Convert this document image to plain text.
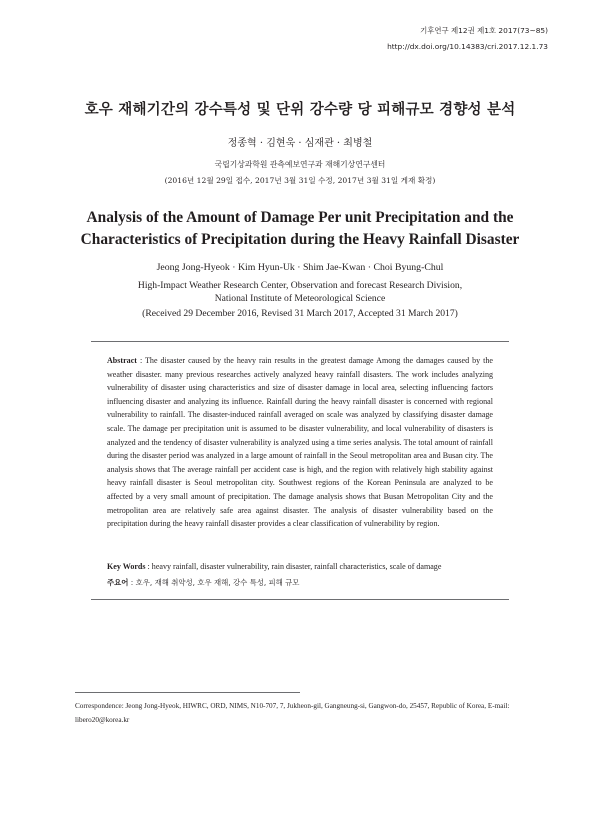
기후연구 제12권 제1호 2017(73~85)
http://dx.doi.org/10.14383/cri.2017.12.1.73
호우 재해기간의 강수특성 및 단위 강수량 당 피해규모 경향성 분석
정종혁 · 김현욱 · 심재관 · 최병철
국립기상과학원 관측예보연구과 재해기상연구센터
(2016년 12월 29일 접수, 2017년 3월 31일 수정, 2017년 3월 31일 게재 확정)
Analysis of the Amount of Damage Per unit Precipitation and the
Characteristics of Precipitation during the Heavy Rainfall Disaster
Jeong Jong-Hyeok · Kim Hyun-Uk · Shim Jae-Kwan · Choi Byung-Chul
High-Impact Weather Research Center, Observation and forecast Research Division,
National Institute of Meteorological Science
(Received 29 December 2016, Revised 31 March 2017, Accepted 31 March 2017)

Abstract : The disaster caused by the heavy rain results in the greatest damage Among the damages caused by the weather disaster. many previous researches actively analyzed heavy rainfall disasters. The work includes analyzing vulnerability of disaster using characteristics and size of disaster damage in local area, selecting influencing factors influencing disaster and analyzing its influence. Rainfall during the heavy rainfall disaster is concerned with regional vulnerability to rainfall. The disaster-induced rainfall averaged on scale was analyzed by classifying disaster damage scale. The damage per precipitation unit is assumed to be disaster vulnerability, and local vulnerability of disasters is analyzed and the tendency of disaster vulnerability is analyzed using a time series analysis. The total amount of rainfall during the disaster period was analyzed in a large amount of rainfall in the Seoul metropolitan area and Busan city. The analysis shows that The average rainfall per accident case is high, and the region with relatively high stability against heavy rainfall disaster is Seoul metropolitan city. Southwest regions of the Korean Peninsula are analyzed to be affected by a very small amount of precipitation. The damage analysis shows that Busan Metropolitan City and the metropolitan area are relatively safe area against disaster. The analysis of disaster vulnerability based on the precipitation during the heavy rainfall disaster provides a clear classification of vulnerability by region.

Key Words : heavy rainfall, disaster vulnerability, rain disaster, rainfall characteristics, scale of damage

주요어 : 호우, 재해 취약성, 호우 재해, 강수 특성, 피해 규모

Correspondence: Jeong Jong-Hyeok, HIWRC, ORD, NIMS, N10-707, 7, Jukheon-gil, Gangneung-si, Gangwon-do, 25457, Republic of Korea, E-mail: libero20@korea.kr
